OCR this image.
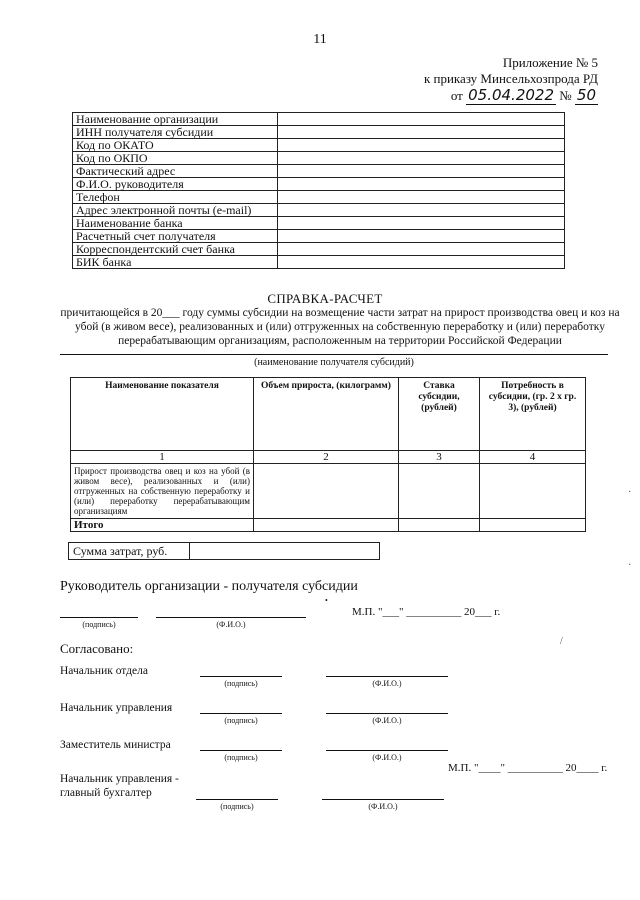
11
Приложение № 5
к приказу Минсельхозпрода РД
от 05.04.2022 № 50
Наименование организации	
ИНН получателя субсидии	
Код по ОКАТО	
Код по ОКПО	
Фактический адрес	
Ф.И.О. руководителя	
Телефон	
Адрес электронной почты (e-mail)	
Наименование банка	
Расчетный счет получателя	
Корреспондентский счет банка	
БИК банка	
СПРАВКА-РАСЧЕТ
причитающейся в 20___ году суммы субсидии на возмещение части затрат на прирост производства овец и коз на убой (в живом весе), реализованных и (или) отгруженных на собственную переработку и (или) переработку перерабатывающим организациям, расположенным на территории Российской Федерации
(наименование получателя субсидий)
Наименование показателя	Объем прироста, (килограмм)	Ставка субсидии, (рублей)	Потребность в субсидии, (гр. 2 х гр. 3), (рублей)
1	2	3	4
Прирост производства овец и коз на убой (в живом весе), реализованных и (или) отгруженных на собственную переработку и (или) переработку перерабатывающим организациям			
Итого			
Сумма затрат, руб.	
Руководитель организации - получателя субсидии
•
(подпись)	(Ф.И.О.)
М.П. "___" __________ 20___ г.
Согласовано:
Начальник отдела
(подпись)	(Ф.И.О.)
Начальник управления
(подпись)	(Ф.И.О.)
Заместитель министра
(подпись)	(Ф.И.О.)
М.П. "____" __________ 20____ г.
Начальник управления - главный бухгалтер
(подпись)	(Ф.И.О.)
·
·
/
